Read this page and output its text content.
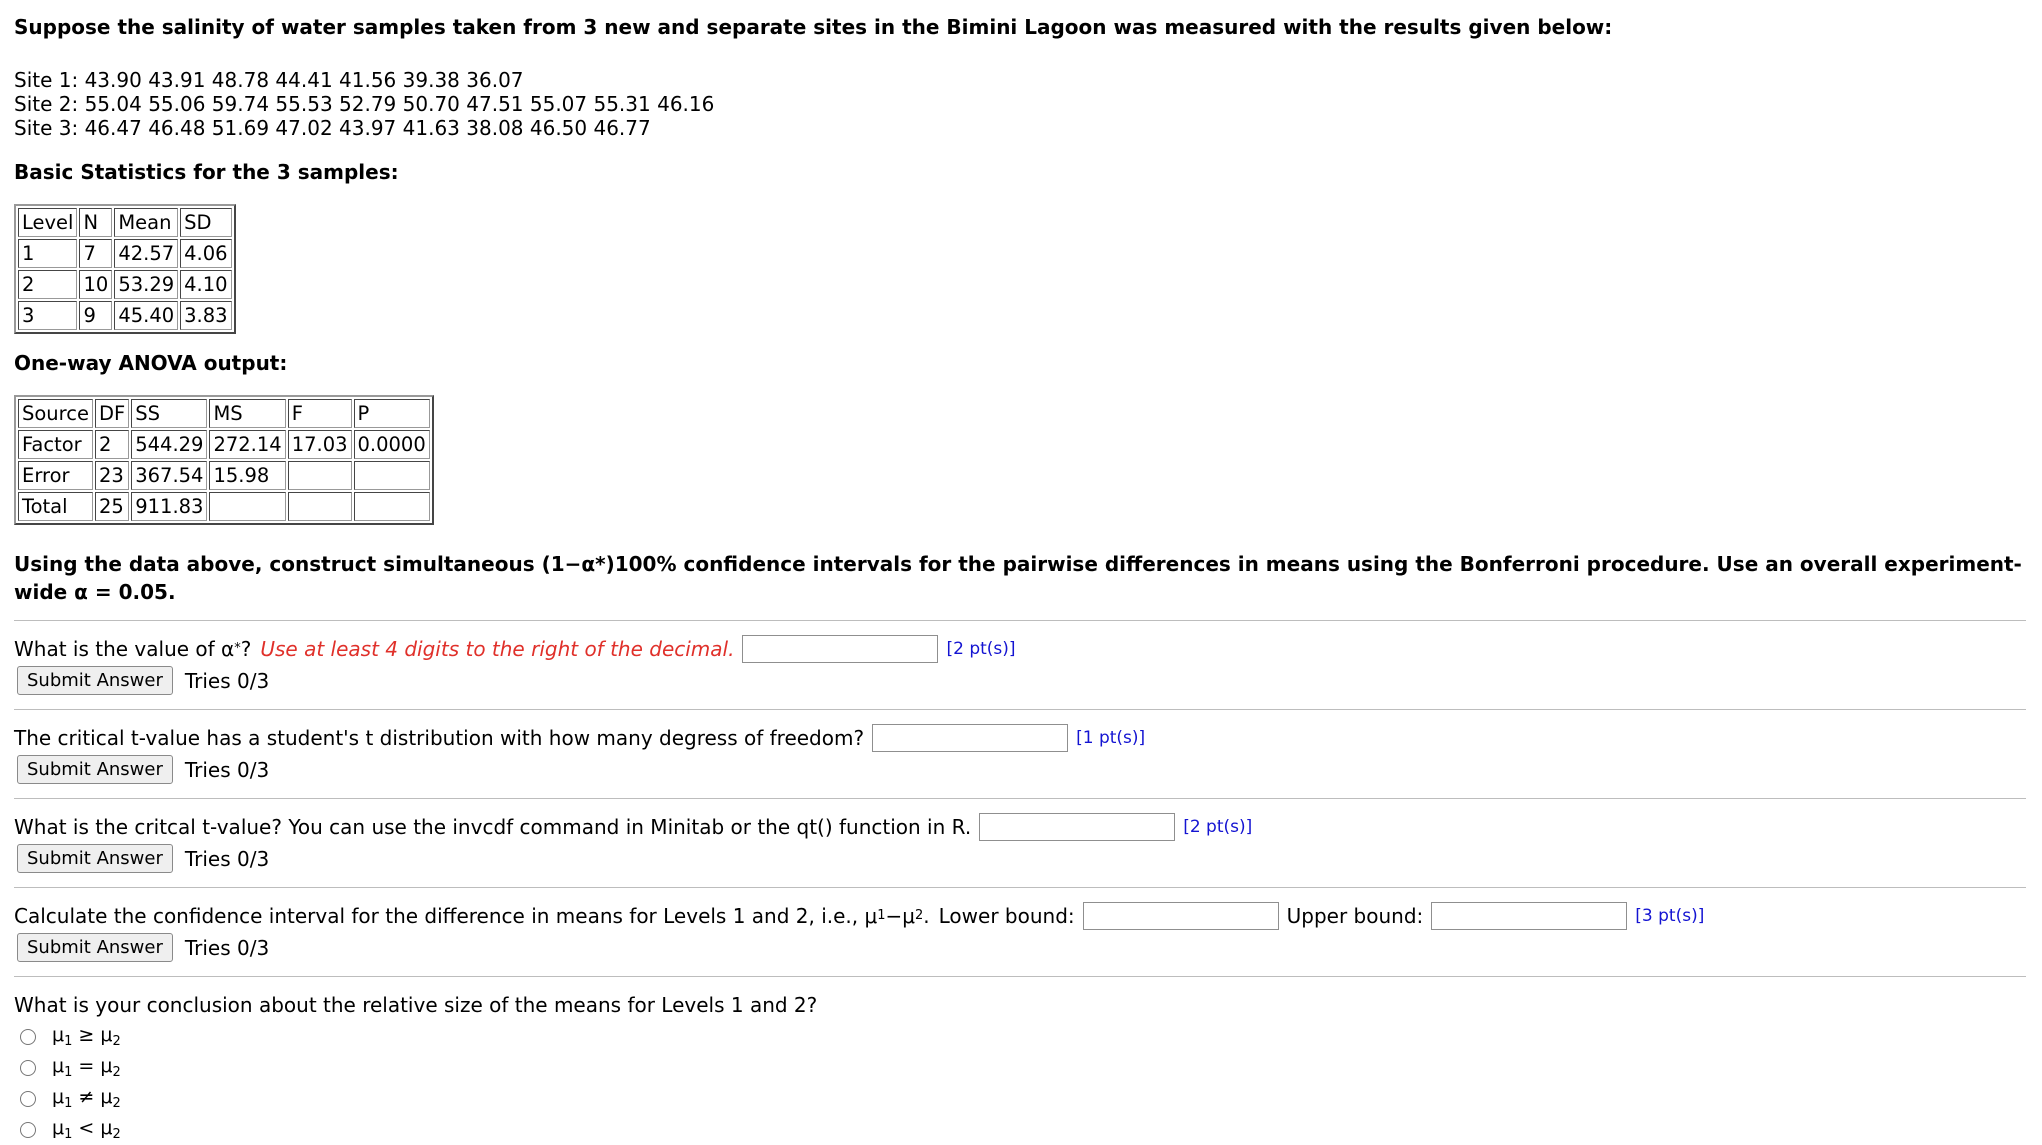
Suppose the salinity of water samples taken from 3 new and separate sites in the Bimini Lagoon was measured with the results given below:

Site 1: 43.90 43.91 48.78 44.41 41.56 39.38 36.07
Site 2: 55.04 55.06 59.74 55.53 52.79 50.70 47.51 55.07 55.31 46.16
Site 3: 46.47 46.48 51.69 47.02 43.97 41.63 38.08 46.50 46.77

Basic Statistics for the 3 samples:

Level	N	Mean	SD
1	7	42.57	4.06
2	10	53.29	4.10
3	9	45.40	3.83

One-way ANOVA output:

Source	DF	SS	MS	F	P
Factor	2	544.29	272.14	17.03	0.0000
Error	23	367.54	15.98		
Total	25	911.83			

Using the data above, construct simultaneous (1−α*)100% confidence intervals for the pairwise differences in means using the Bonferroni procedure. Use an overall experiment-wide α = 0.05.

What is the value of α * ? Use at least 4 digits to the right of the decimal.	[2 pt(s)]
Submit Answer	Tries 0/3
The critical t-value has a student's t distribution with how many degress of freedom?	[1 pt(s)]
Submit Answer	Tries 0/3
What is the critcal t-value? You can use the invcdf command in Minitab or the qt() function in R.	[2 pt(s)]
Submit Answer	Tries 0/3
Calculate the confidence interval for the difference in means for Levels 1 and 2, i.e., μ 1 −μ 2 . Lower bound:	Upper bound:	[3 pt(s)]
Submit Answer	Tries 0/3
What is your conclusion about the relative size of the means for Levels 1 and 2?
$\mu_1 \ge \mu_2$
$\mu_1 = \mu_2$
$\mu_1 \ne \mu_2$
$\mu_1 < \mu_2$
